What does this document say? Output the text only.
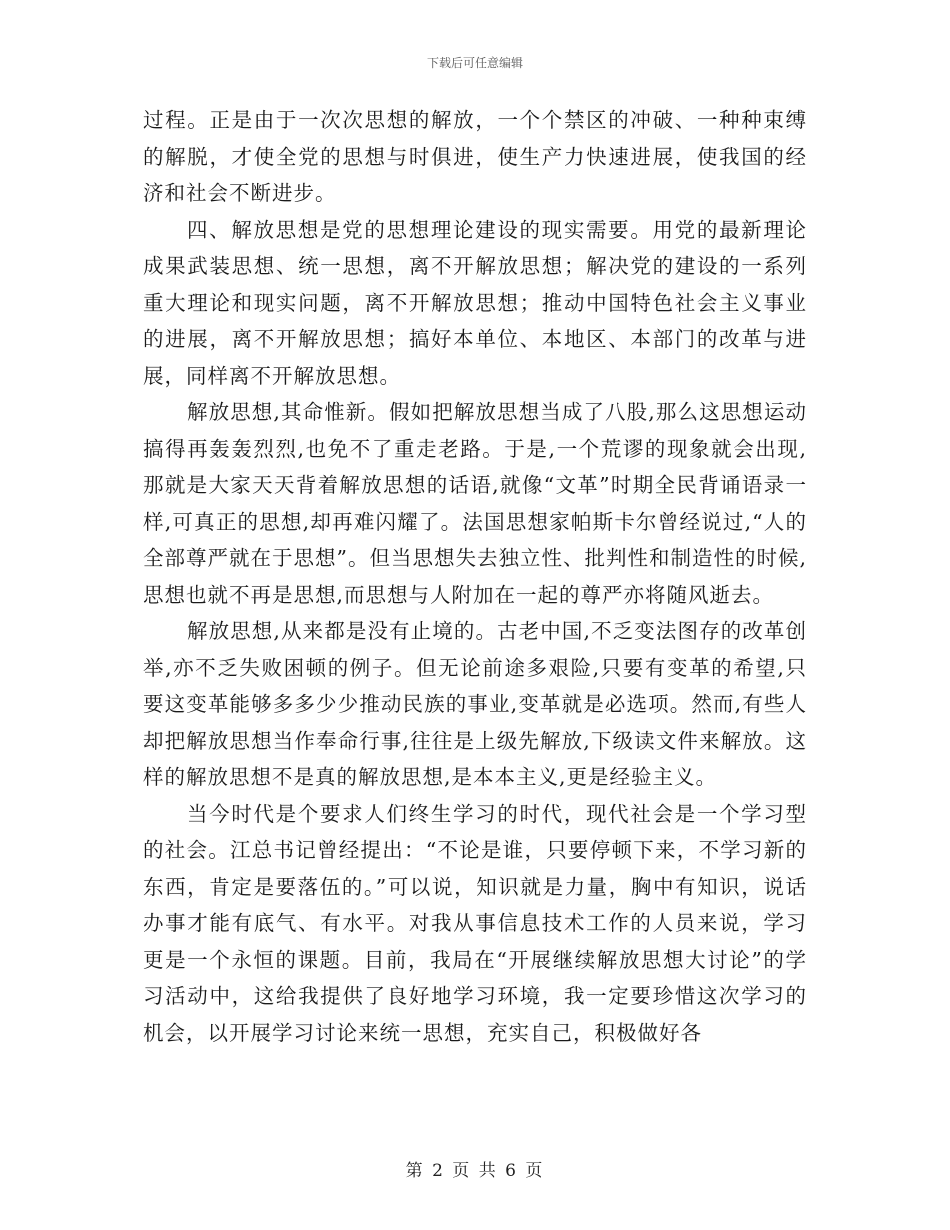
下载后可任意编辑

过程。正是由于一次次思想的解放，一个个禁区的冲破、一种种束缚的解脱，才使全党的思想与时俱进，使生产力快速进展，使我国的经济和社会不断进步。

四、解放思想是党的思想理论建设的现实需要。用党的最新理论成果武装思想、统一思想，离不开解放思想；解决党的建设的一系列重大理论和现实问题，离不开解放思想；推动中国特色社会主义事业的进展，离不开解放思想；搞好本单位、本地区、本部门的改革与进展，同样离不开解放思想。

解放思想,其命惟新。假如把解放思想当成了八股,那么这思想运动搞得再轰轰烈烈,也免不了重走老路。于是,一个荒谬的现象就会出现,那就是大家天天背着解放思想的话语,就像“文革”时期全民背诵语录一样,可真正的思想,却再难闪耀了。法国思想家帕斯卡尔曾经说过,“人的全部尊严就在于思想”。但当思想失去独立性、批判性和制造性的时候,思想也就不再是思想,而思想与人附加在一起的尊严亦将随风逝去。

解放思想,从来都是没有止境的。古老中国,不乏变法图存的改革创举,亦不乏失败困顿的例子。但无论前途多艰险,只要有变革的希望,只要这变革能够多多少少推动民族的事业,变革就是必选项。然而,有些人却把解放思想当作奉命行事,往往是上级先解放,下级读文件来解放。这样的解放思想不是真的解放思想,是本本主义,更是经验主义。

当今时代是个要求人们终生学习的时代，现代社会是一个学习型的社会。江总书记曾经提出：“不论是谁，只要停顿下来，不学习新的东西，肯定是要落伍的。”可以说，知识就是力量，胸中有知识，说话办事才能有底气、有水平。对我从事信息技术工作的人员来说，学习更是一个永恒的课题。目前，我局在“开展继续解放思想大讨论”的学习活动中，这给我提供了良好地学习环境，我一定要珍惜这次学习的机会，以开展学习讨论来统一思想，充实自己，积极做好各

第 2 页 共 6 页
